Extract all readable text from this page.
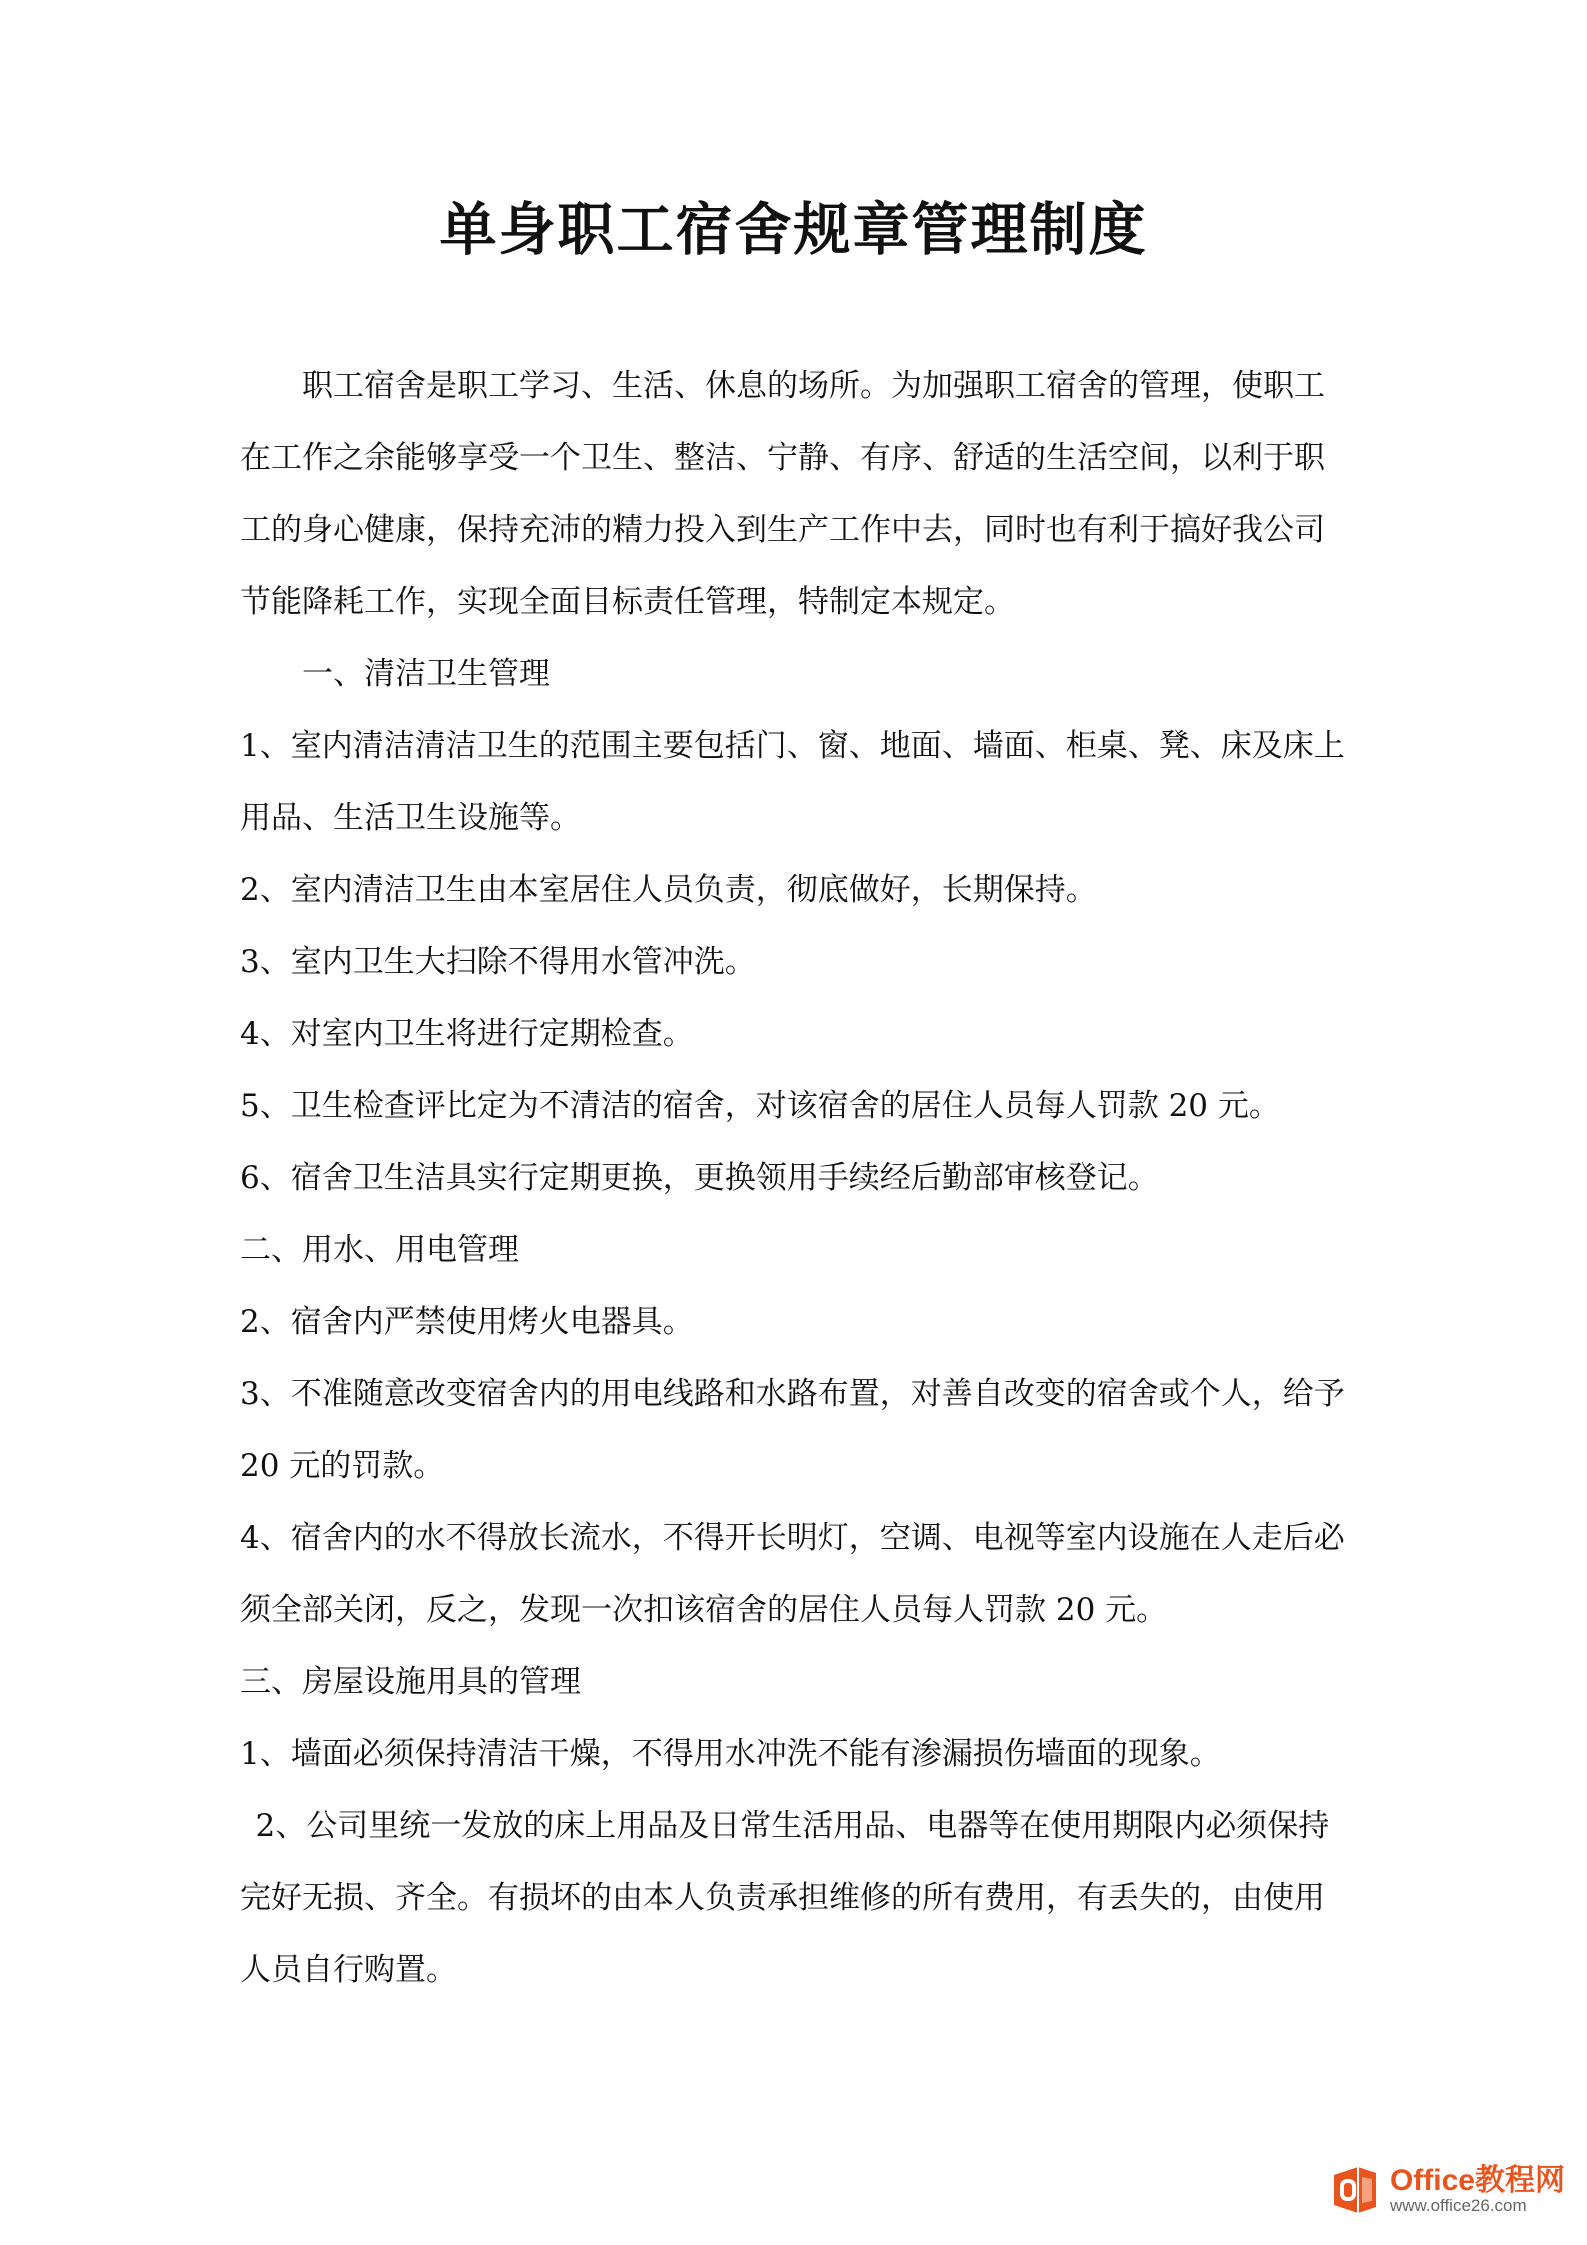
单身职工宿舍规章管理制度

职工宿舍是职工学习、生活、休息的场所。为加强职工宿舍的管理，使职工在工作之余能够享受一个卫生、整洁、宁静、有序、舒适的生活空间，以利于职工的身心健康，保持充沛的精力投入到生产工作中去，同时也有利于搞好我公司节能降耗工作，实现全面目标责任管理，特制定本规定。

一、清洁卫生管理

1、室内清洁清洁卫生的范围主要包括门、窗、地面、墙面、柜桌、凳、床及床上用品、生活卫生设施等。

2、室内清洁卫生由本室居住人员负责，彻底做好，长期保持。

3、室内卫生大扫除不得用水管冲洗。

4、对室内卫生将进行定期检查。

5、卫生检查评比定为不清洁的宿舍，对该宿舍的居住人员每人罚款 20 元。

6、宿舍卫生洁具实行定期更换，更换领用手续经后勤部审核登记。

二、用水、用电管理

2、宿舍内严禁使用烤火电器具。

3、不准随意改变宿舍内的用电线路和水路布置，对善自改变的宿舍或个人，给予 20 元的罚款。

4、宿舍内的水不得放长流水，不得开长明灯，空调、电视等室内设施在人走后必须全部关闭，反之，发现一次扣该宿舍的居住人员每人罚款 20 元。

三、房屋设施用具的管理

1、墙面必须保持清洁干燥，不得用水冲洗不能有渗漏损伤墙面的现象。

2、公司里统一发放的床上用品及日常生活用品、电器等在使用期限内必须保持完好无损、齐全。有损坏的由本人负责承担维修的所有费用，有丢失的，由使用人员自行购置。

Office教程网
www.office26.com
